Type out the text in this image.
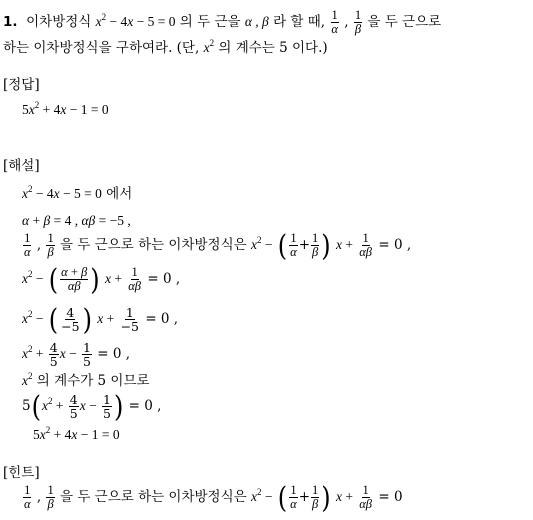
1. 이차방정식 $x^2 - 4x - 5 = 0$ 의 두 근을 α , β 라 할 때, $\frac{1}{\alpha}$ , $\frac{1}{\beta}$ 을 두 근으로
하는 이차방정식을 구하여라. (단, $x^2$ 의 계수는 5 이다.)
[정답]
$5x^2 + 4x - 1 = 0$
[해설]
$x^2 - 4x - 5 = 0$ 에서
α + β = 4 , αβ = −5 ,
$\frac{1}{\alpha}$ , $\frac{1}{\beta}$ 을 두 근으로 하는 이차방정식은 $x^2$ − ( $\frac{1}{\alpha} + \frac{1}{\beta}$ ) $x + \frac{1}{\alpha\beta} = 0$ ,
$x^2$ − ( $\frac{\alpha + \beta}{\alpha\beta}$ ) $x + \frac{1}{\alpha\beta} = 0$ ,
$x^2$ − ( $\frac{4}{-5}$ ) $x + \frac{1}{-5} = 0$ ,
$x^2 + \frac{4}{5}$ $x - \frac{1}{5} = 0$ ,
$x^2$ 의 계수가 5 이므로
$5(x^2 + \frac{4}{5}$ $x - \frac{1}{5}$ ) = 0 ,
$5x^2 + 4x - 1 = 0$
[힌트]
$\frac{1}{\alpha}$ , $\frac{1}{\beta}$ 을 두 근으로 하는 이차방정식은 $x^2$ − ( $\frac{1}{\alpha} + \frac{1}{\beta}$ ) $x + \frac{1}{\alpha\beta} = 0$
